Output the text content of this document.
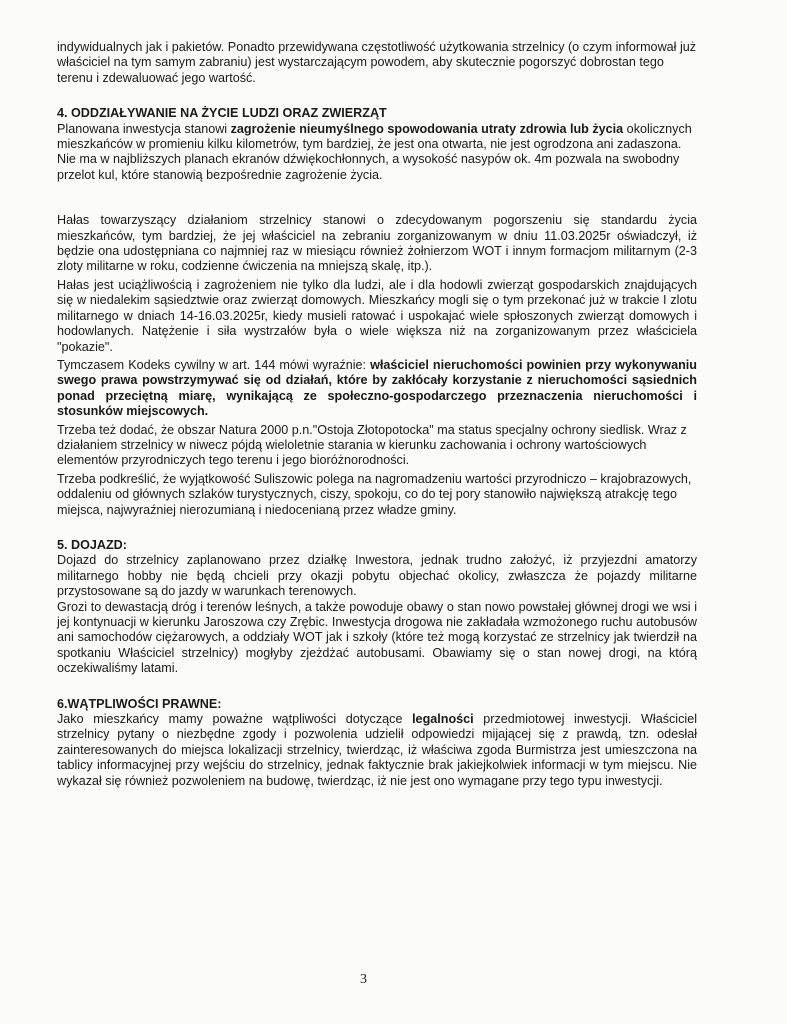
indywidualnych jak i pakietów. Ponadto przewidywana częstotliwość użytkowania strzelnicy (o czym informował już właściciel na tym samym zabraniu) jest wystarczającym powodem, aby skutecznie pogorszyć dobrostan tego terenu i zdewaluować jego wartość.

4. ODDZIAŁYWANIE NA ŻYCIE LUDZI ORAZ ZWIERZĄT

Planowana inwestycja stanowi zagrożenie nieumyślnego spowodowania utraty zdrowia lub życia okolicznych mieszkańców w promieniu kilku kilometrów, tym bardziej, że jest ona otwarta, nie jest ogrodzona ani zadaszona. Nie ma w najbliższych planach ekranów dźwiękochłonnych, a wysokość nasypów ok. 4m pozwala na swobodny przelot kul, które stanowią bezpośrednie zagrożenie życia.

Hałas towarzyszący działaniom strzelnicy stanowi o zdecydowanym pogorszeniu się standardu życia mieszkańców, tym bardziej, że jej właściciel na zebraniu zorganizowanym w dniu 11.03.2025r oświadczył, iż będzie ona udostępniana co najmniej raz w miesiącu również żołnierzom WOT i innym formacjom militarnym (2-3 zloty militarne w roku, codzienne ćwiczenia na mniejszą skalę, itp.).

Hałas jest uciążliwością i zagrożeniem nie tylko dla ludzi, ale i dla hodowli zwierząt gospodarskich znajdujących się w niedalekim sąsiedztwie oraz zwierząt domowych. Mieszkańcy mogli się o tym przekonać już w trakcie I zlotu militarnego w dniach 14-16.03.2025r, kiedy musieli ratować i uspokajać wiele spłoszonych zwierząt domowych i hodowlanych. Natężenie i siła wystrzałów była o wiele większa niż na zorganizowanym przez właściciela "pokazie".

Tymczasem Kodeks cywilny w art. 144 mówi wyraźnie: właściciel nieruchomości powinien przy wykonywaniu swego prawa powstrzymywać się od działań, które by zakłócały korzystanie z nieruchomości sąsiednich ponad przeciętną miarę, wynikającą ze społeczno-gospodarczego przeznaczenia nieruchomości i stosunków miejscowych.

Trzeba też dodać, że obszar Natura 2000 p.n."Ostoja Złotopotocka" ma status specjalny ochrony siedlisk. Wraz z działaniem strzelnicy w niwecz pójdą wieloletnie starania w kierunku zachowania i ochrony wartościowych elementów przyrodniczych tego terenu i jego bioróżnorodności.

Trzeba podkreślić, że wyjątkowość Suliszowic polega na nagromadzeniu wartości przyrodniczo – krajobrazowych, oddaleniu od głównych szlaków turystycznych, ciszy, spokoju, co do tej pory stanowiło największą atrakcję tego miejsca, najwyraźniej nierozumianą i niedocenianą przez władze gminy.

5. DOJAZD:

Dojazd do strzelnicy zaplanowano przez działkę Inwestora, jednak trudno założyć, iż przyjezdni amatorzy militarnego hobby nie będą chcieli przy okazji pobytu objechać okolicy, zwłaszcza że pojazdy militarne przystosowane są do jazdy w warunkach terenowych.

Grozi to dewastacją dróg i terenów leśnych, a także powoduje obawy o stan nowo powstałej głównej drogi we wsi i jej kontynuacji w kierunku Jaroszowa czy Zrębic. Inwestycja drogowa nie zakładała wzmożonego ruchu autobusów ani samochodów ciężarowych, a oddziały WOT jak i szkoły (które też mogą korzystać ze strzelnicy jak twierdził na spotkaniu Właściciel strzelnicy) mogłyby zjeżdżać autobusami. Obawiamy się o stan nowej drogi, na którą oczekiwaliśmy latami.

6.WĄTPLIWOŚCI PRAWNE:

Jako mieszkańcy mamy poważne wątpliwości dotyczące legalności przedmiotowej inwestycji. Właściciel strzelnicy pytany o niezbędne zgody i pozwolenia udzielił odpowiedzi mijającej się z prawdą, tzn. odesłał zainteresowanych do miejsca lokalizacji strzelnicy, twierdząc, iż właściwa zgoda Burmistrza jest umieszczona na tablicy informacyjnej przy wejściu do strzelnicy, jednak faktycznie brak jakiejkolwiek informacji w tym miejscu. Nie wykazał się również pozwoleniem na budowę, twierdząc, iż nie jest ono wymagane przy tego typu inwestycji.

3
